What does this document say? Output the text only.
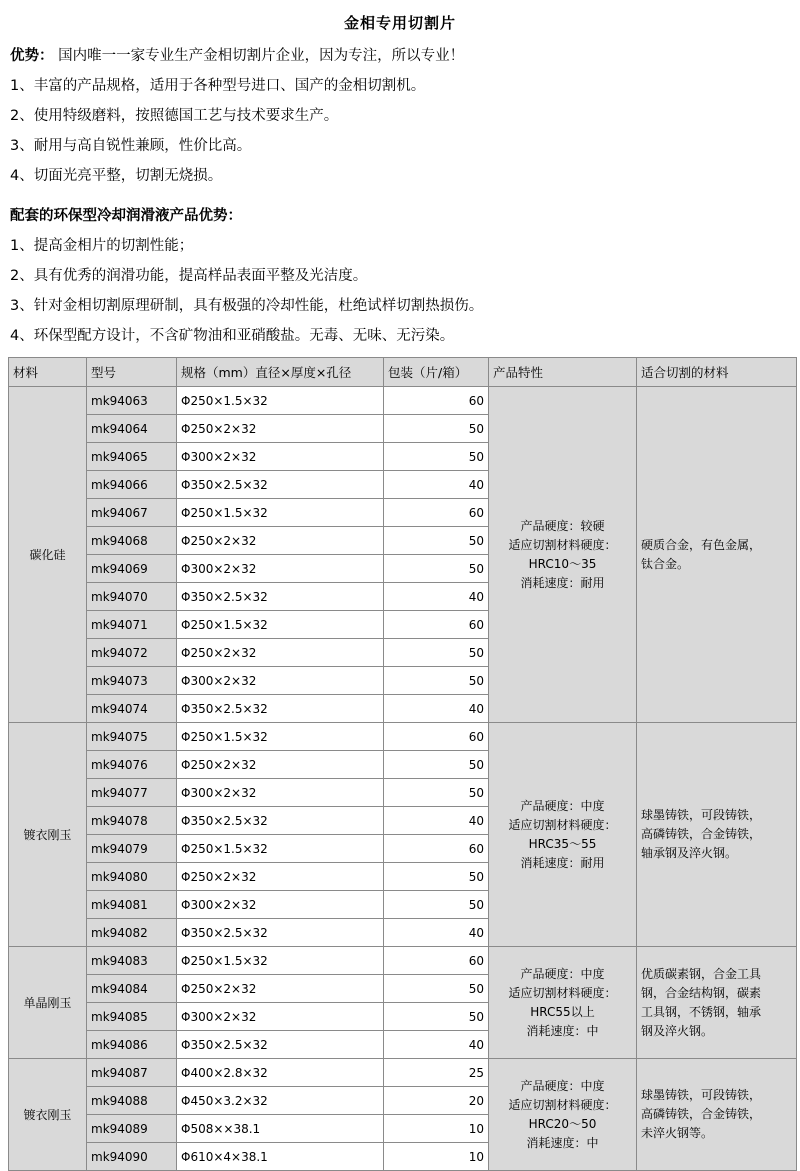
金相专用切割片
优势： 国内唯一一家专业生产金相切割片企业，因为专注，所以专业！
1、丰富的产品规格，适用于各种型号进口、国产的金相切割机。
2、使用特级磨料，按照德国工艺与技术要求生产。
3、耐用与高自锐性兼顾，性价比高。
4、切面光亮平整，切割无烧损。
配套的环保型冷却润滑液产品优势：
1、提高金相片的切割性能；
2、具有优秀的润滑功能，提高样品表面平整及光洁度。
3、针对金相切割原理研制，具有极强的冷却性能，杜绝试样切割热损伤。
4、环保型配方设计，不含矿物油和亚硝酸盐。无毒、无味、无污染。
材料	型号	规格（mm）直径×厚度×孔径	包装（片/箱）	产品特性	适合切割的材料
碳化硅	mk94063	Φ250×1.5×32	60	产品硬度：较硬
适应切割材料硬度：
HRC10～35
消耗速度：耐用	硬质合金，有色金属，
钛合金。
	mk94064	Φ250×2×32	50		
	mk94065	Φ300×2×32	50		
	mk94066	Φ350×2.5×32	40		
	mk94067	Φ250×1.5×32	60		
	mk94068	Φ250×2×32	50		
	mk94069	Φ300×2×32	50		
	mk94070	Φ350×2.5×32	40		
	mk94071	Φ250×1.5×32	60		
	mk94072	Φ250×2×32	50		
	mk94073	Φ300×2×32	50		
	mk94074	Φ350×2.5×32	40		
镀衣刚玉	mk94075	Φ250×1.5×32	60	产品硬度：中度
适应切割材料硬度：
HRC35～55
消耗速度：耐用	球墨铸铁，可段铸铁，
高磷铸铁，合金铸铁，
轴承钢及淬火钢。
	mk94076	Φ250×2×32	50		
	mk94077	Φ300×2×32	50		
	mk94078	Φ350×2.5×32	40		
	mk94079	Φ250×1.5×32	60		
	mk94080	Φ250×2×32	50		
	mk94081	Φ300×2×32	50		
	mk94082	Φ350×2.5×32	40		
单晶刚玉	mk94083	Φ250×1.5×32	60	产品硬度：中度
适应切割材料硬度：
HRC55以上
消耗速度：中	优质碳素钢，合金工具
钢，合金结构钢，碳素
工具钢，不锈钢，轴承
钢及淬火钢。
	mk94084	Φ250×2×32	50		
	mk94085	Φ300×2×32	50		
	mk94086	Φ350×2.5×32	40		
镀衣刚玉	mk94087	Φ400×2.8×32	25	产品硬度：中度
适应切割材料硬度：
HRC20～50
消耗速度：中	球墨铸铁，可段铸铁，
高磷铸铁，合金铸铁，
未淬火钢等。
	mk94088	Φ450×3.2×32	20		
	mk94089	Φ508××38.1	10		
	mk94090	Φ610×4×38.1	10		
